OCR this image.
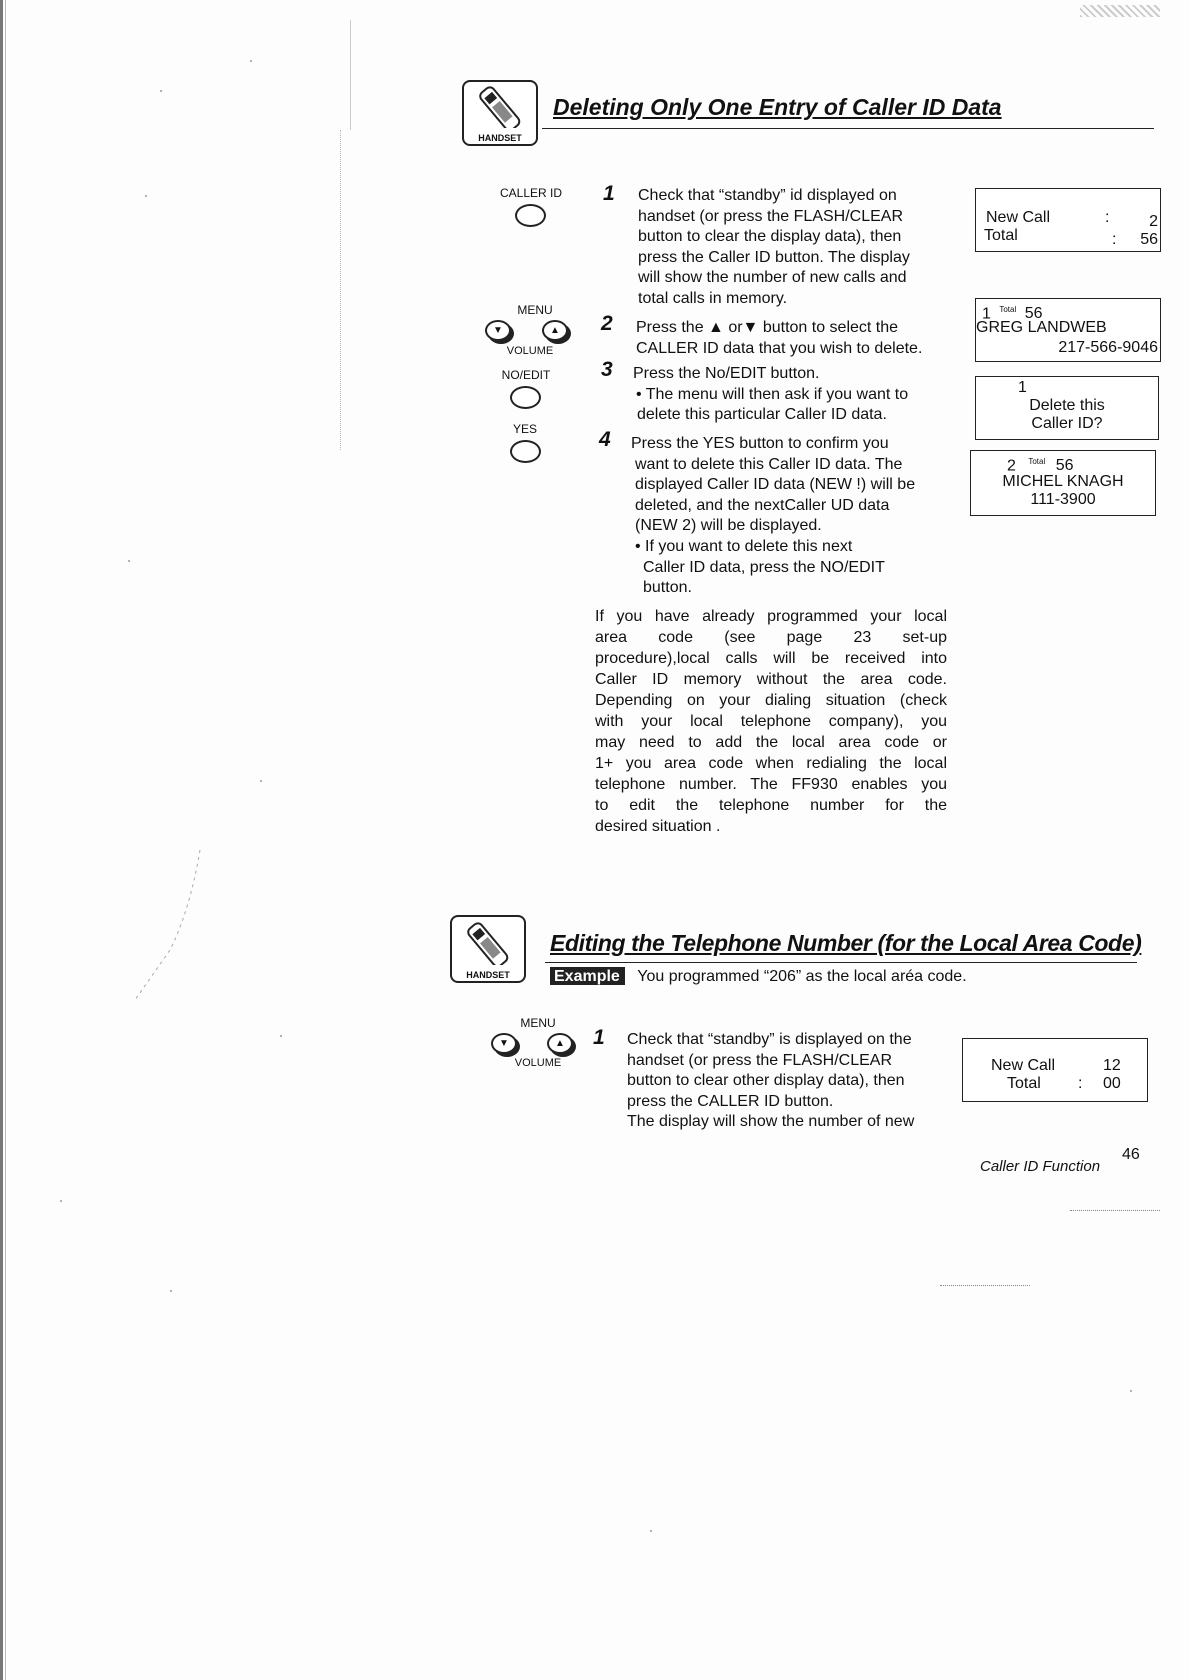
HANDSET
Deleting Only One Entry of Caller ID Data
CALLER ID
MENU
▼	▲
VOLUME
NO/EDIT
YES
1
2
3
4
Check that “standby” id displayed on
handset (or press the FLASH/CLEAR
button to clear the display data), then
press the Caller ID button. The display
will show the number of new calls and
total calls in memory.
Press the ▲ or▼ button to select the
CALLER ID data that you wish to delete.
Press the No/EDIT button.
• The menu will then ask if you want to
delete this particular Caller ID data.
Press the YES button to confirm you
want to delete this Caller ID data. The
displayed Caller ID data (NEW !) will be
deleted, and the nextCaller UD data
(NEW 2) will be displayed.
• If you want to delete this next
Caller ID data, press the NO/EDIT
button.
If you have already programmed your local
area code (see page 23 set-up
procedure),local calls will be received into
Caller ID memory without the area code.
Depending on your dialing situation (check
with your local telephone company), you
may need to add the local area code or
1+ you area code when redialing the local
telephone number. The FF930 enables you
to edit the telephone number for the
desired situation .
New Call	: 2
Total	: 56
1 $^{Total}$ 56
GREG LANDWEB
217-566-9046
1
Delete this
Caller ID?
2 $^{Total}$ 56
MICHEL KNAGH
111-3900
HANDSET
Editing the Telephone Number (for the Local Area Code)
Example You programmed “206” as the local aréa code.
MENU
▼	▲
VOLUME
1 Check that “standby” is displayed on the
handset (or press the FLASH/CLEAR
button to clear other display data), then
press the CALLER ID button.
The display will show the number of new
New Call	12
Total : 00
Caller ID Function
46
